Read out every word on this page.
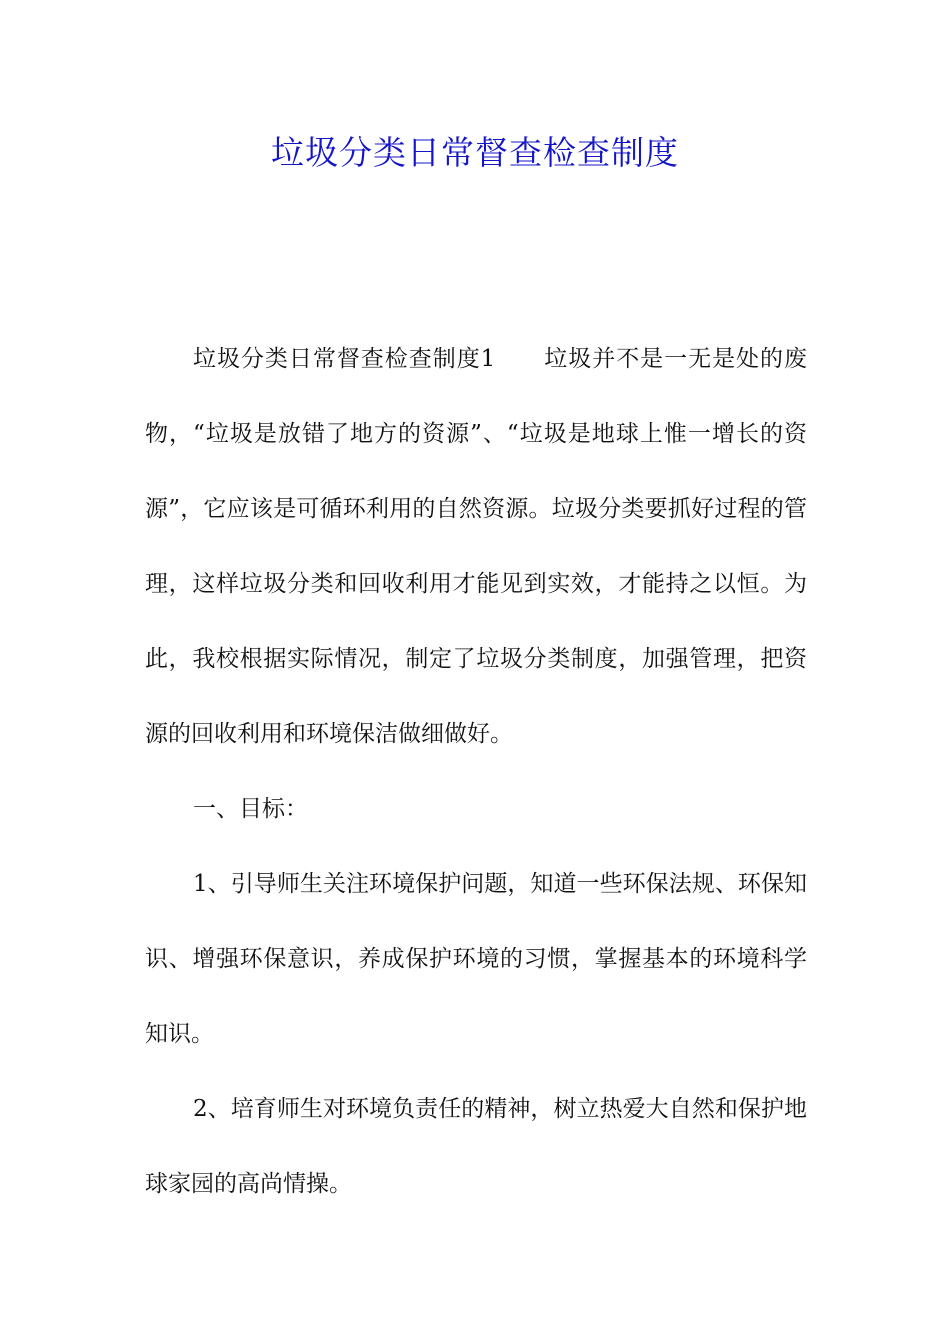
垃圾分类日常督查检查制度

垃圾分类日常督查检查制度1 垃圾并不是一无是处的废物，“垃圾是放错了地方的资源”、“垃圾是地球上惟一增长的资源”，它应该是可循环利用的自然资源。垃圾分类要抓好过程的管理，这样垃圾分类和回收利用才能见到实效，才能持之以恒。为此，我校根据实际情况，制定了垃圾分类制度，加强管理，把资源的回收利用和环境保洁做细做好。

一、目标：

1、引导师生关注环境保护问题，知道一些环保法规、环保知识、增强环保意识，养成保护环境的习惯，掌握基本的环境科学知识。

2、培育师生对环境负责任的精神，树立热爱大自然和保护地球家园的高尚情操。
